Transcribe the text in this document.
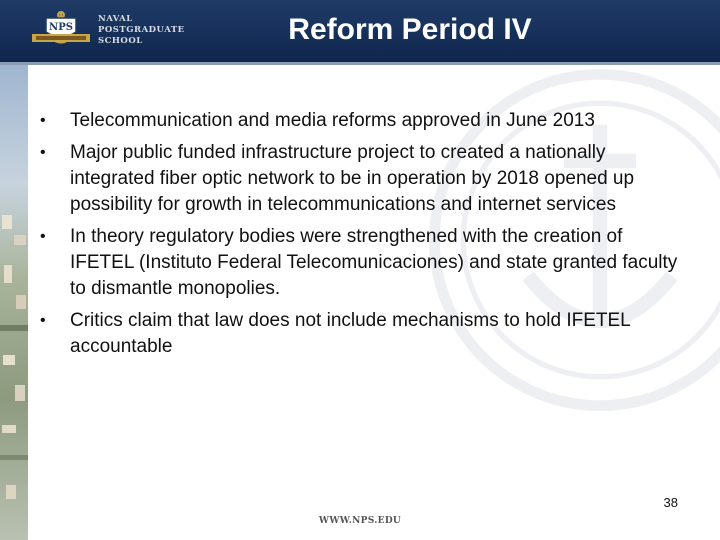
NPS
NAVAL
POSTGRADUATE
SCHOOL	Reform Period IV
•	Telecommunication and media reforms approved in June 2013
•	Major public funded infrastructure project to created a nationally integrated fiber optic network to be in operation by 2018 opened up possibility for growth in telecommunications and internet services
•	In theory regulatory bodies were strengthened with the creation of IFETEL (Instituto Federal Telecomunicaciones) and state granted faculty to dismantle monopolies.
•	Critics claim that law does not include mechanisms to hold IFETEL accountable
38
WWW.NPS.EDU
